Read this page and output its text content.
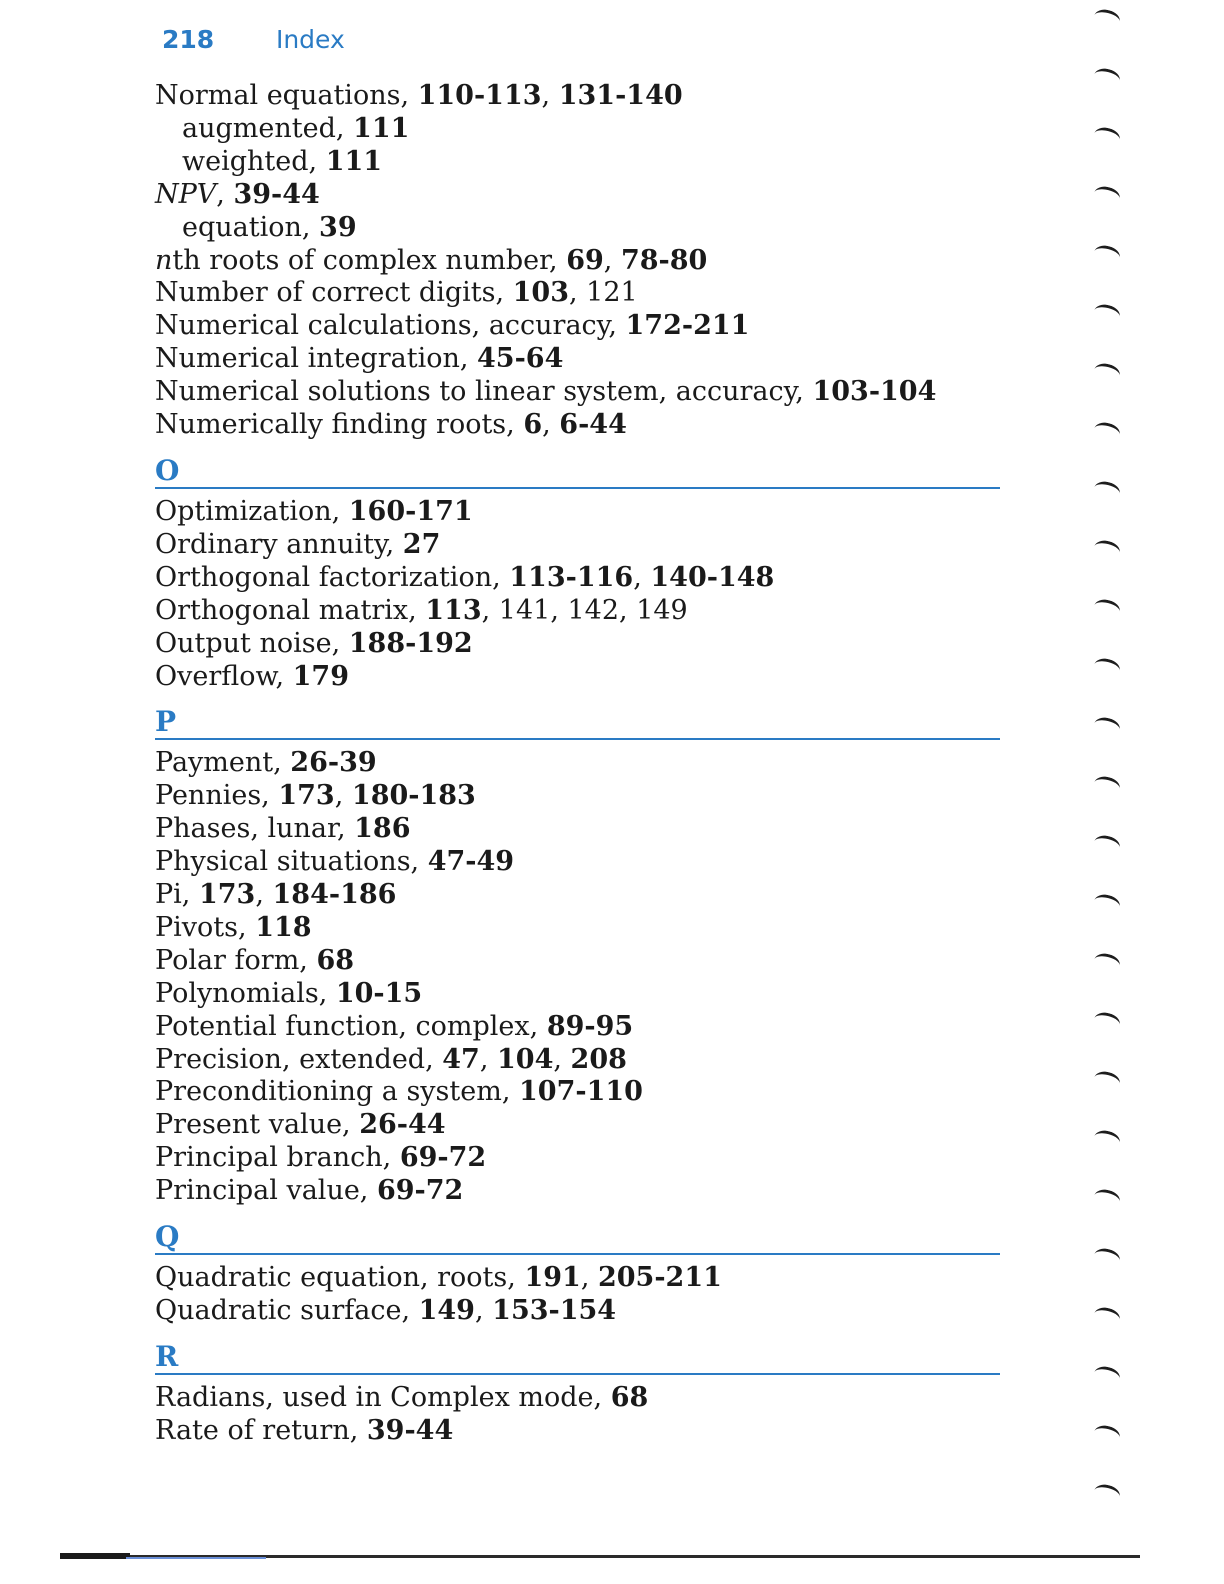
218 Index
Normal equations, 110-113, 131-140
augmented, 111
weighted, 111
NPV, 39-44
equation, 39
nth roots of complex number, 69, 78-80
Number of correct digits, 103, 121
Numerical calculations, accuracy, 172-211
Numerical integration, 45-64
Numerical solutions to linear system, accuracy, 103-104
Numerically finding roots, 6, 6-44
O
Optimization, 160-171
Ordinary annuity, 27
Orthogonal factorization, 113-116, 140-148
Orthogonal matrix, 113, 141, 142, 149
Output noise, 188-192
Overflow, 179
P
Payment, 26-39
Pennies, 173, 180-183
Phases, lunar, 186
Physical situations, 47-49
Pi, 173, 184-186
Pivots, 118
Polar form, 68
Polynomials, 10-15
Potential function, complex, 89-95
Precision, extended, 47, 104, 208
Preconditioning a system, 107-110
Present value, 26-44
Principal branch, 69-72
Principal value, 69-72
Q
Quadratic equation, roots, 191, 205-211
Quadratic surface, 149, 153-154
R
Radians, used in Complex mode, 68
Rate of return, 39-44
